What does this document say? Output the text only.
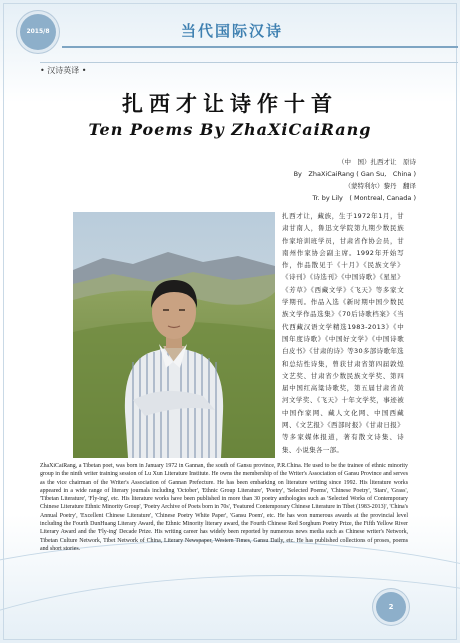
2015/8	当代国际汉诗
• 汉诗英译 •
扎西才让诗作十首
Ten Poems By ZhaXiCaiRang
（中　国）扎西才让　原诗
By　ZhaXiCaiRang ( Gan Su,　China )
（蒙特利尔）黎丹　翻译
Tr. by Lily　( Montreal, Canada )
扎西才让，藏族，生于1972年1月，甘肃甘南人，鲁迅文学院第九期少数民族作家培训班学员，甘肃省作协会员，甘南州作家协会副主席。1992年开始写作，作品散见于《十月》《民族文学》《诗刊》《诗选刊》《中国诗歌》《星星》《芳草》《西藏文学》《飞天》等多家文学期刊。作品入选《新时期中国少数民族文学作品选集》《70后诗歌档案》《当代西藏汉语文学精选1983-2013》《中国年度诗歌》《中国好文学》《中国诗歌白皮书》《甘肃的诗》等30多部诗歌年选和总结性诗集，曾获甘肃省第四届敦煌文艺奖、甘肃省少数民族文学奖、第四届中国红高粱诗歌奖，第五届甘肃省黄河文学奖、《飞天》十年文学奖，事迹被中国作家网、藏人文化网、中国西藏网、《文艺报》《西部时报》《甘肃日报》等多家媒体报道，著有散文诗集、诗集、小说集各一部。
ZhaXiCaiRang, a Tibetan poet, was born in January 1972 in Gannan, the south of Gansu province, P.R.China. He used to be the trainee of ethnic minority group in the ninth writer training session of Lu Xun Literature Institute. He owns the membership of the Writer's Association of Gansu Province and serves as the vice chairman of the Writer's Association of Gannan Prefecture. He has been embarking on literature writing since 1992. His literature works appeared in a wide range of literary journals including 'October', 'Ethnic Group Literature', 'Poetry', 'Selected Poems', 'Chinese Poetry', 'Stars', 'Grass', 'Tibetan Literature', 'Fly-ing', etc. His literature works have been published in more than 30 poetry anthologies such as 'Selected Works of Contemporary Chinese Literature Ethnic Minority Group', 'Poetry Archive of Poets born in 70s', 'Featured Contemporary Chinese Literature in Tibet (1983-2013)', 'China's Annual Poetry', 'Excellent Chinese Literature', 'Chinese Poetry White Paper', 'Gansu Poem', etc. He has won numerous awards at the provincial level including the Fourth DunHuang Literary Award, the Ethnic Minority literary award, the Fourth Chinese Red Sorghum Poetry Prize, the Fifth Yellow River Literary Award and the 'Fly-ing' Decade Prize. His writing career has widely been reported by numerous news media such as Chinese writer's Network, Tibetan Culture Network, Tibet Network of China, Literary Newspaper, Western Times, Gansu Daily, etc. He has published collections of proses, poems and short stories.
2
